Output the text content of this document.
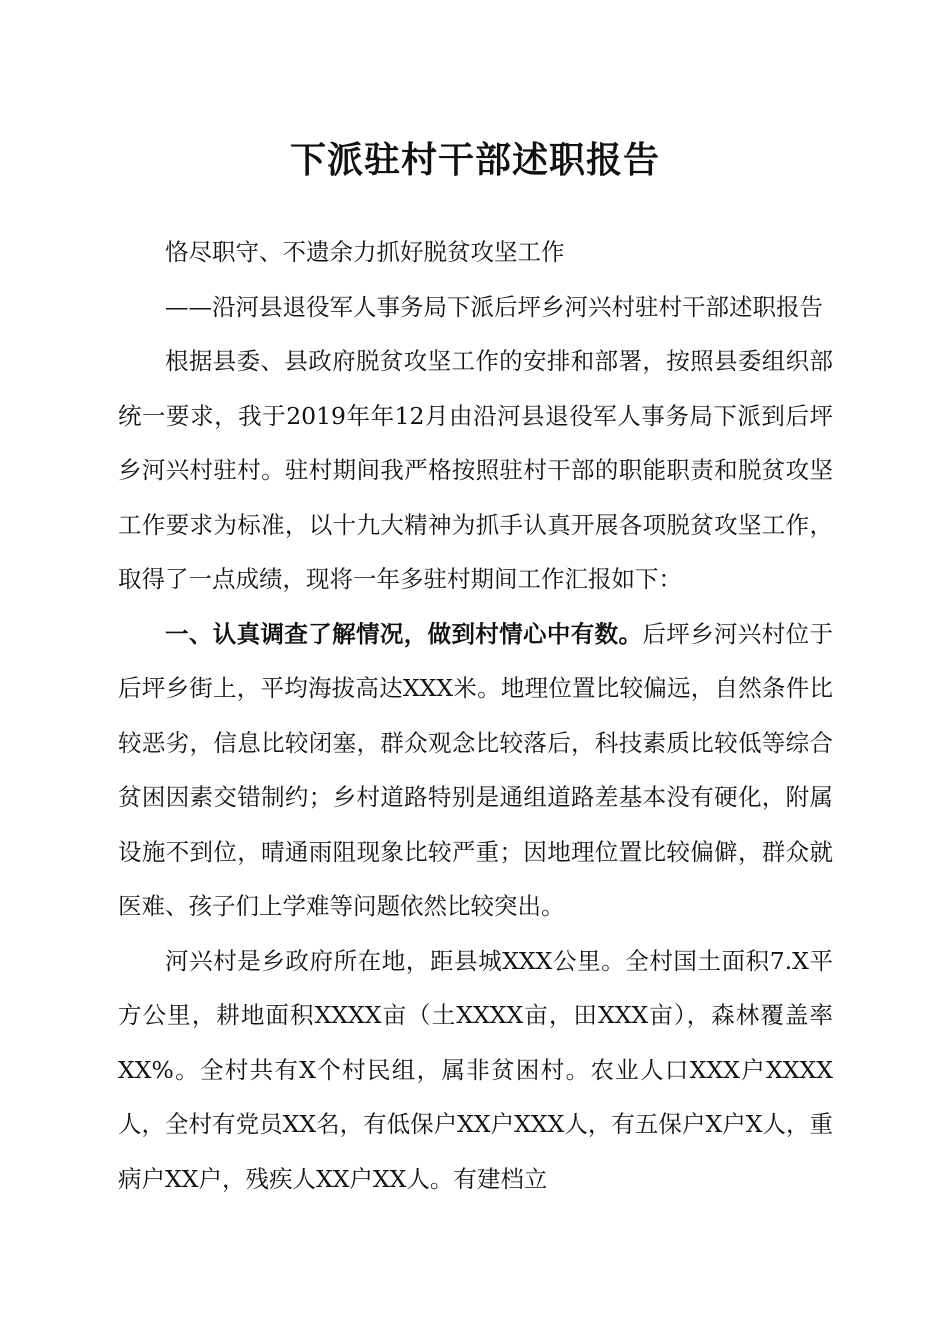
下派驻村干部述职报告

恪尽职守、不遗余力抓好脱贫攻坚工作

——沿河县退役军人事务局下派后坪乡河兴村驻村干部述职报告

根据县委、县政府脱贫攻坚工作的安排和部署，按照县委组织部统一要求，我于2019年年12月由沿河县退役军人事务局下派到后坪乡河兴村驻村。驻村期间我严格按照驻村干部的职能职责和脱贫攻坚工作要求为标准，以十九大精神为抓手认真开展各项脱贫攻坚工作，取得了一点成绩，现将一年多驻村期间工作汇报如下：

一、认真调查了解情况，做到村情心中有数。后坪乡河兴村位于后坪乡街上，平均海拔高达XXX米。地理位置比较偏远，自然条件比较恶劣，信息比较闭塞，群众观念比较落后，科技素质比较低等综合贫困因素交错制约；乡村道路特别是通组道路差基本没有硬化，附属设施不到位，晴通雨阻现象比较严重；因地理位置比较偏僻，群众就医难、孩子们上学难等问题依然比较突出。

河兴村是乡政府所在地，距县城XXX公里。全村国土面积7.X平方公里，耕地面积XXXX亩（土XXXX亩，田XXX亩），森林覆盖率XX%。全村共有X个村民组，属非贫困村。农业人口XXX户XXXX人，全村有党员XX名，有低保户XX户XXX人，有五保户X户X人，重病户XX户，残疾人XX户XX人。有建档立
